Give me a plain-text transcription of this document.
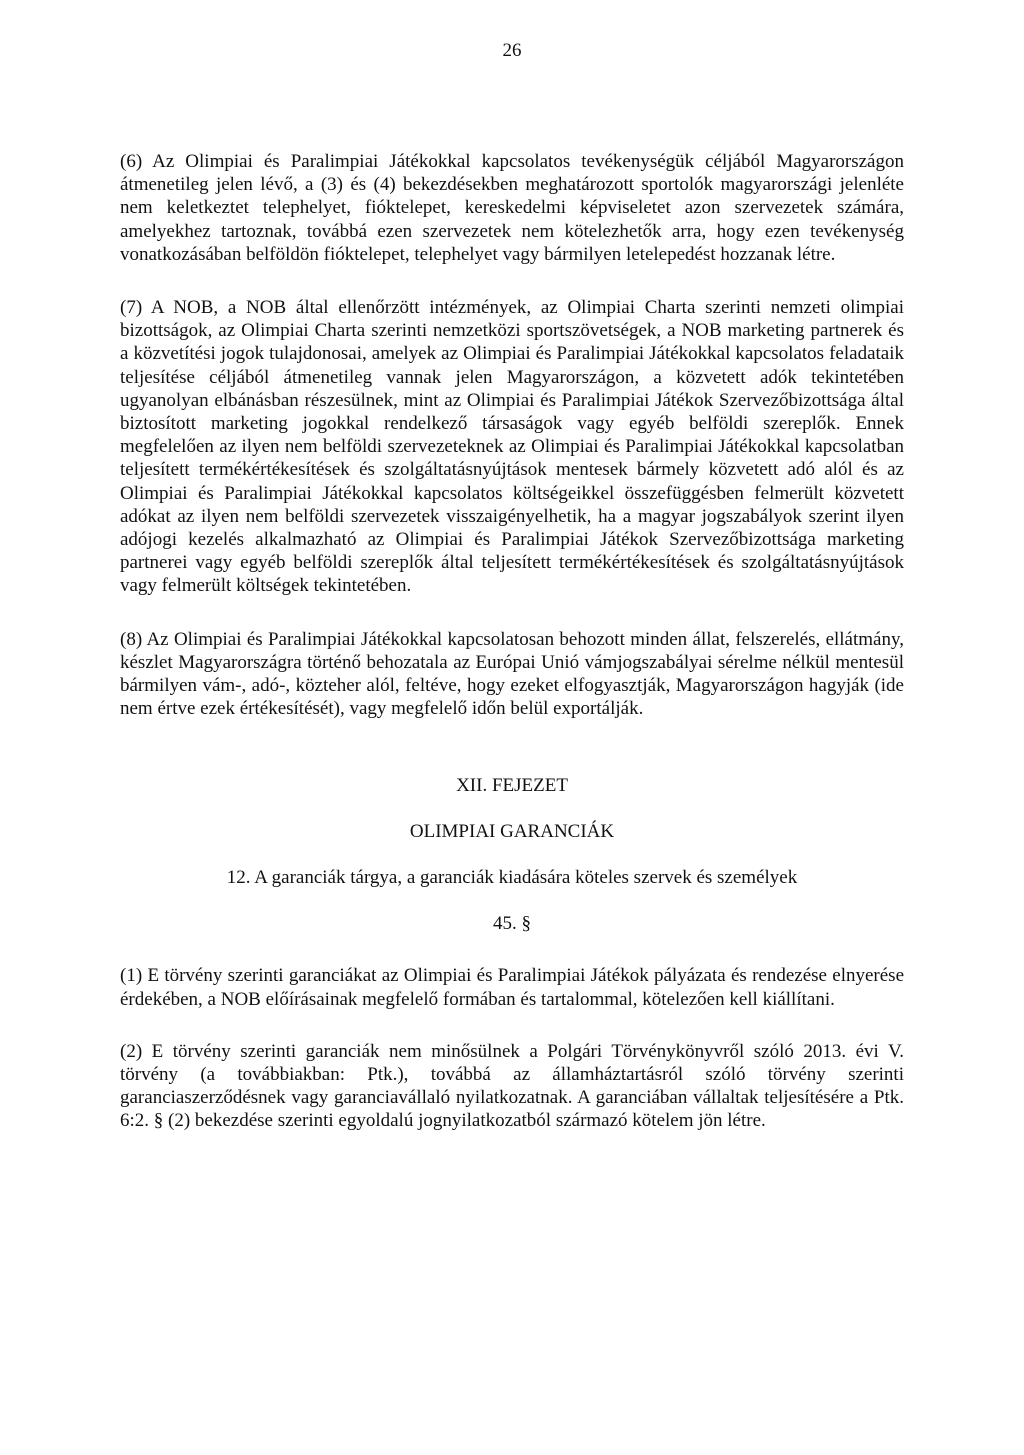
26

(6) Az Olimpiai és Paralimpiai Játékokkal kapcsolatos tevékenységük céljából Magyarországon átmenetileg jelen lévő, a (3) és (4) bekezdésekben meghatározott sportolók magyarországi jelenléte nem keletkeztet telephelyet, fióktelepet, kereskedelmi képviseletet azon szervezetek számára, amelyekhez tartoznak, továbbá ezen szervezetek nem kötelezhetők arra, hogy ezen tevékenység vonatkozásában belföldön fióktelepet, telephelyet vagy bármilyen letelepedést hozzanak létre.

(7) A NOB, a NOB által ellenőrzött intézmények, az Olimpiai Charta szerinti nemzeti olimpiai bizottságok, az Olimpiai Charta szerinti nemzetközi sportszövetségek, a NOB marketing partnerek és a közvetítési jogok tulajdonosai, amelyek az Olimpiai és Paralimpiai Játékokkal kapcsolatos feladataik teljesítése céljából átmenetileg vannak jelen Magyarországon, a közvetett adók tekintetében ugyanolyan elbánásban részesülnek, mint az Olimpiai és Paralimpiai Játékok Szervezőbizottsága által biztosított marketing jogokkal rendelkező társaságok vagy egyéb belföldi szereplők. Ennek megfelelően az ilyen nem belföldi szervezeteknek az Olimpiai és Paralimpiai Játékokkal kapcsolatban teljesített termékértékesítések és szolgáltatásnyújtások mentesek bármely közvetett adó alól és az Olimpiai és Paralimpiai Játékokkal kapcsolatos költségeikkel összefüggésben felmerült közvetett adókat az ilyen nem belföldi szervezetek visszaigényelhetik, ha a magyar jogszabályok szerint ilyen adójogi kezelés alkalmazható az Olimpiai és Paralimpiai Játékok Szervezőbizottsága marketing partnerei vagy egyéb belföldi szereplők által teljesített termékértékesítések és szolgáltatásnyújtások vagy felmerült költségek tekintetében.

(8) Az Olimpiai és Paralimpiai Játékokkal kapcsolatosan behozott minden állat, felszerelés, ellátmány, készlet Magyarországra történő behozatala az Európai Unió vámjogszabályai sérelme nélkül mentesül bármilyen vám-, adó-, közteher alól, feltéve, hogy ezeket elfogyasztják, Magyarországon hagyják (ide nem értve ezek értékesítését), vagy megfelelő időn belül exportálják.

XII. FEJEZET

OLIMPIAI GARANCIÁK

12. A garanciák tárgya, a garanciák kiadására köteles szervek és személyek

45. §

(1) E törvény szerinti garanciákat az Olimpiai és Paralimpiai Játékok pályázata és rendezése elnyerése érdekében, a NOB előírásainak megfelelő formában és tartalommal, kötelezően kell kiállítani.

(2) E törvény szerinti garanciák nem minősülnek a Polgári Törvénykönyvről szóló 2013. évi V. törvény (a továbbiakban: Ptk.), továbbá az államháztartásról szóló törvény szerinti garanciaszerződésnek vagy garanciavállaló nyilatkozatnak. A garanciában vállaltak teljesítésére a Ptk. 6:2. § (2) bekezdése szerinti egyoldalú jognyilatkozatból származó kötelem jön létre.
